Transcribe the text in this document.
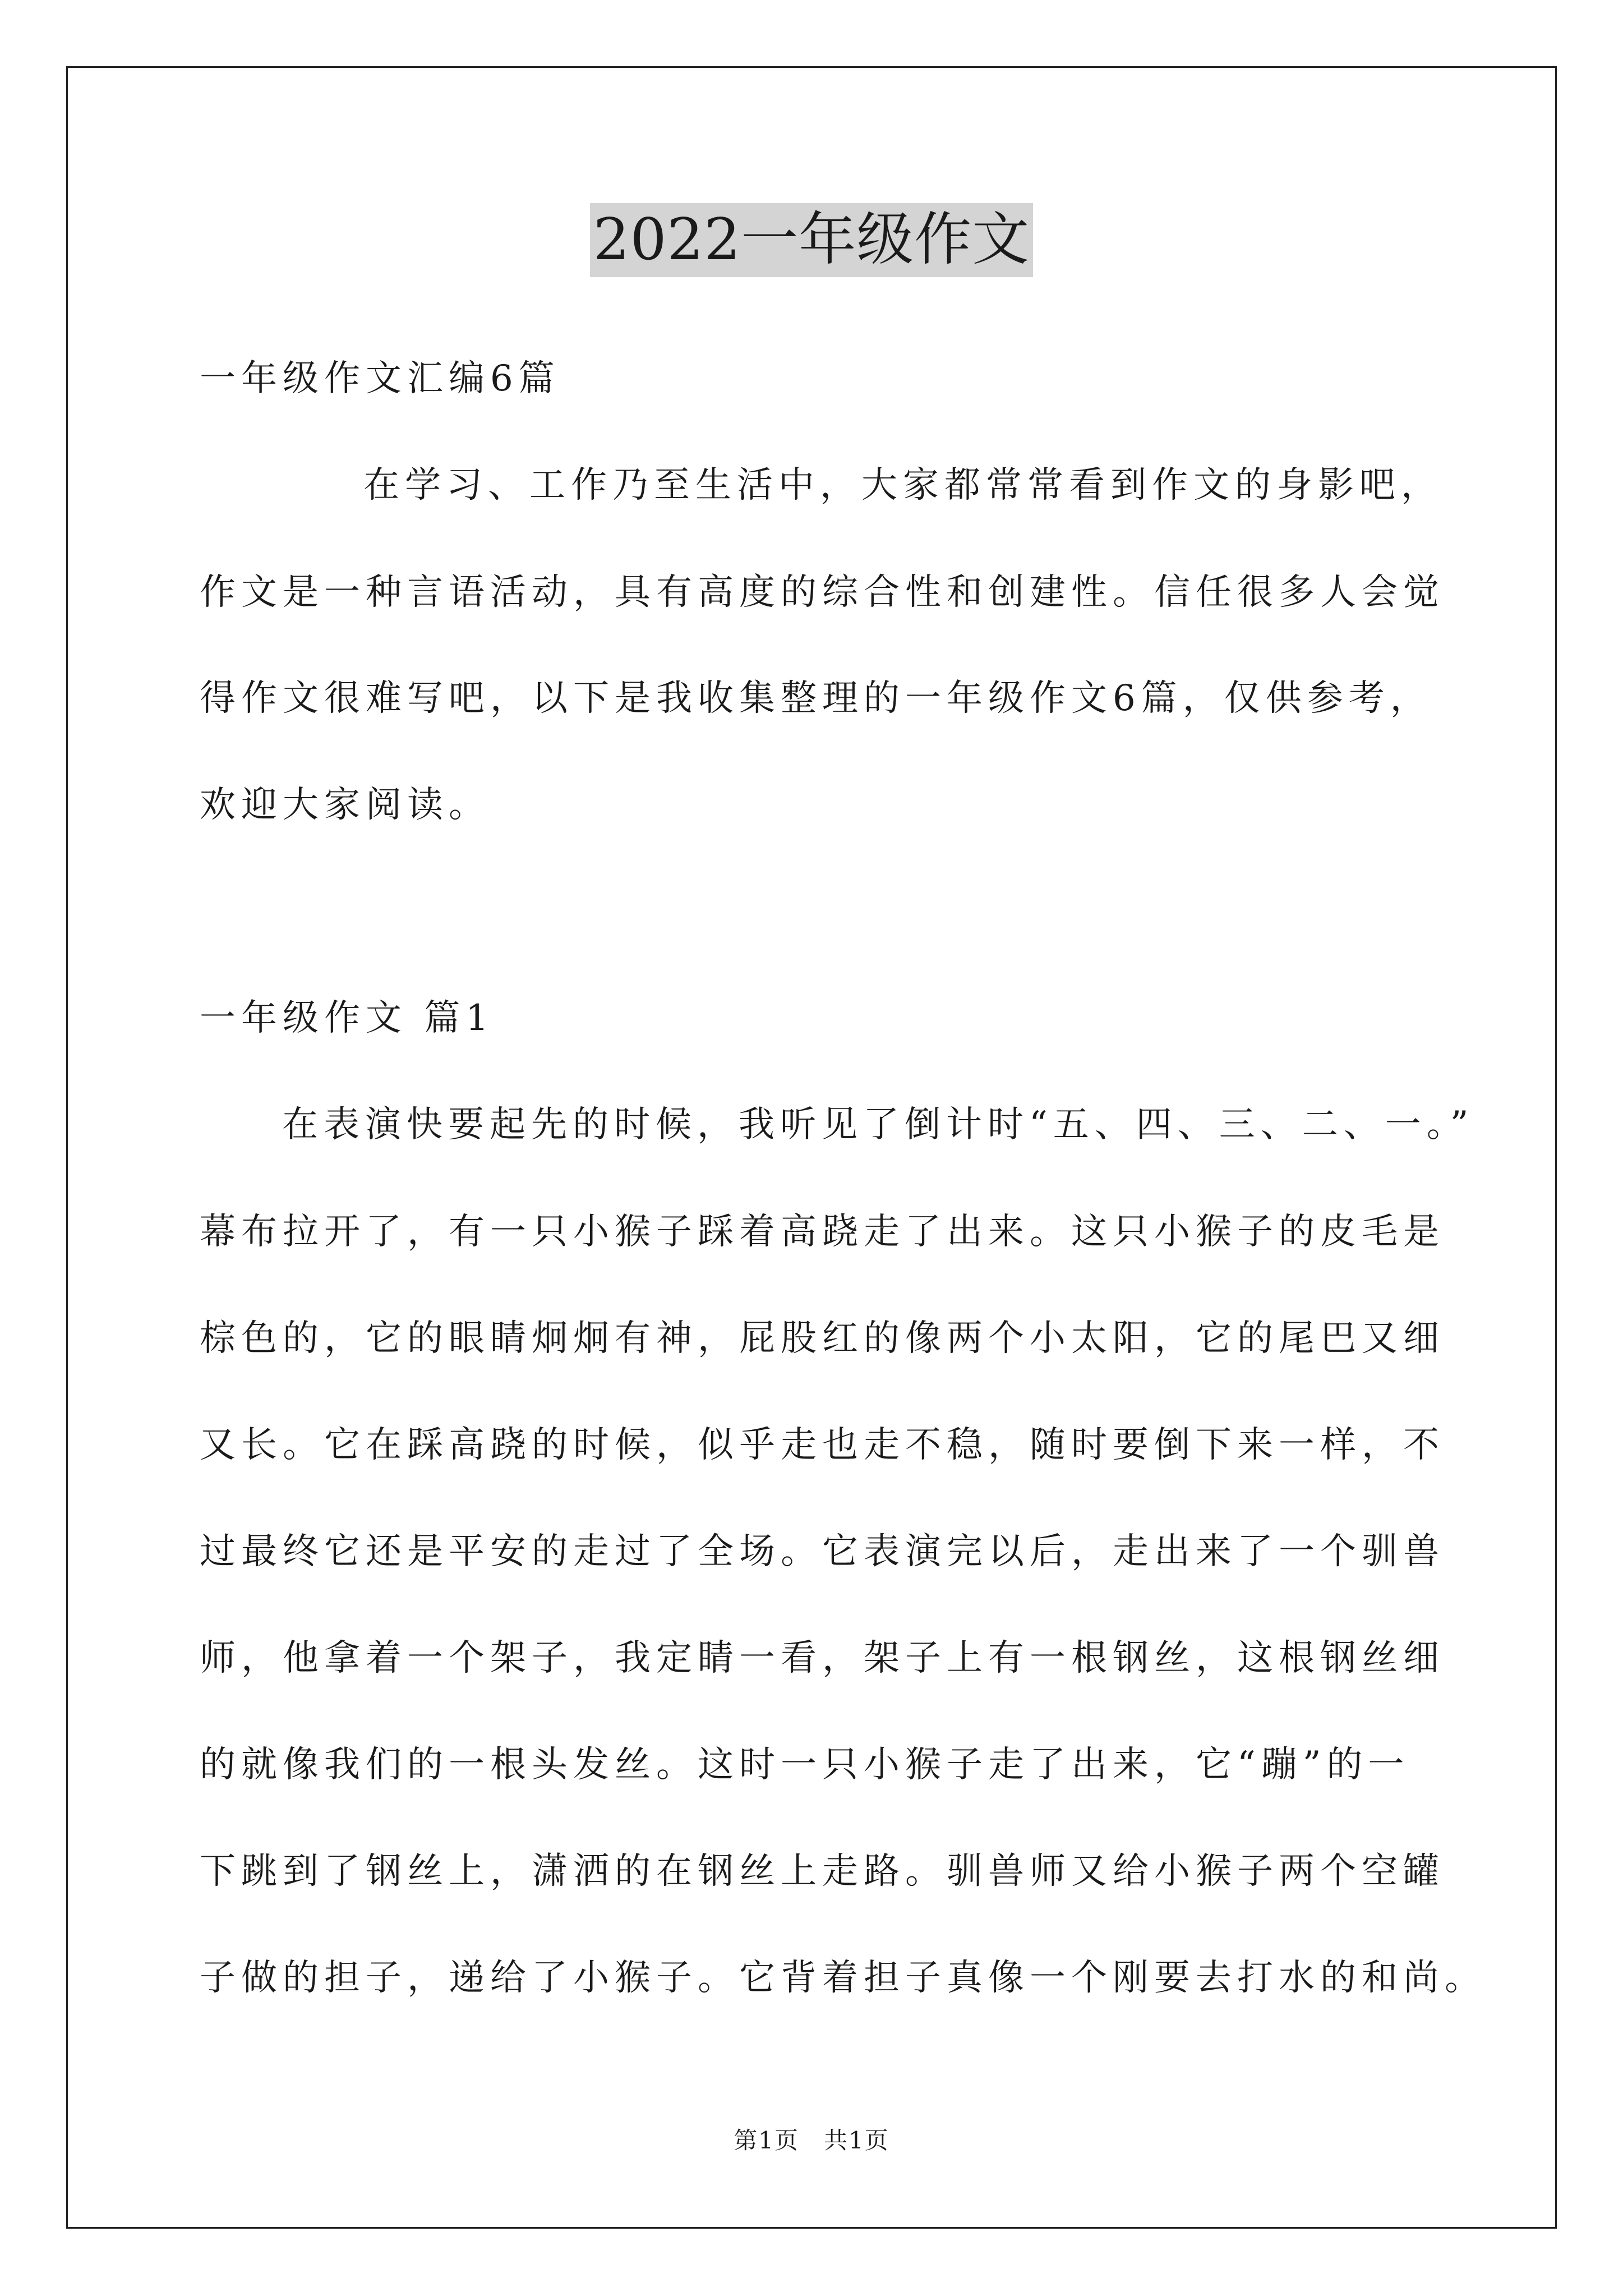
2022一年级作文

一年级作文汇编6篇

在学习、工作乃至生活中，大家都常常看到作文的身影吧，

作文是一种言语活动，具有高度的综合性和创建性。信任很多人会觉

得作文很难写吧，以下是我收集整理的一年级作文6篇，仅供参考，

欢迎大家阅读。

一年级作文 篇1

在表演快要起先的时候，我听见了倒计时“五、四、三、二、一。”

幕布拉开了，有一只小猴子踩着高跷走了出来。这只小猴子的皮毛是

棕色的，它的眼睛炯炯有神，屁股红的像两个小太阳，它的尾巴又细

又长。它在踩高跷的时候，似乎走也走不稳，随时要倒下来一样，不

过最终它还是平安的走过了全场。它表演完以后，走出来了一个驯兽

师，他拿着一个架子，我定睛一看，架子上有一根钢丝，这根钢丝细

的就像我们的一根头发丝。这时一只小猴子走了出来，它“蹦”的一

下跳到了钢丝上，潇洒的在钢丝上走路。驯兽师又给小猴子两个空罐

子做的担子，递给了小猴子。它背着担子真像一个刚要去打水的和尚。

第1页　共1页
